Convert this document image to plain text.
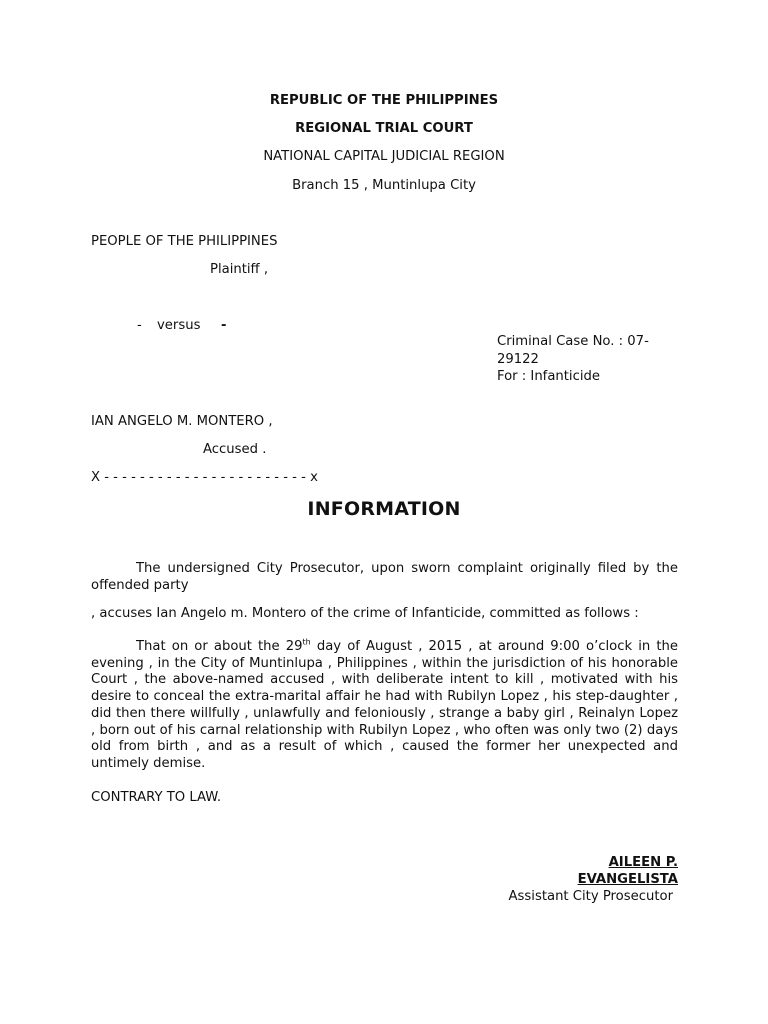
REPUBLIC OF THE PHILIPPINES
REGIONAL TRIAL COURT
NATIONAL CAPITAL JUDICIAL REGION
Branch 15 , Muntinlupa City
PEOPLE OF THE PHILIPPINES
Plaintiff ,
- versus -
Criminal Case No. : 07-
29122
For : Infanticide
IAN ANGELO M. MONTERO ,
Accused .
X - - - - - - - - - - - - - - - - - - - - - - - x
INFORMATION
The undersigned City Prosecutor, upon sworn complaint originally filed by the offended party
, accuses Ian Angelo m. Montero of the crime of Infanticide, committed as follows :
That on or about the 29th day of August , 2015 , at around 9:00 o’clock in the evening , in the City of Muntinlupa , Philippines , within the jurisdiction of his honorable Court , the above-named accused , with deliberate intent to kill , motivated with his desire to conceal the extra-marital affair he had with Rubilyn Lopez , his step-daughter , did then there willfully , unlawfully and feloniously , strange a baby girl , Reinalyn Lopez , born out of his carnal relationship with Rubilyn Lopez , who often was only two (2) days old from birth , and as a result of which , caused the former her unexpected and untimely demise.
CONTRARY TO LAW.
AILEEN P.
EVANGELISTA
Assistant City Prosecutor
